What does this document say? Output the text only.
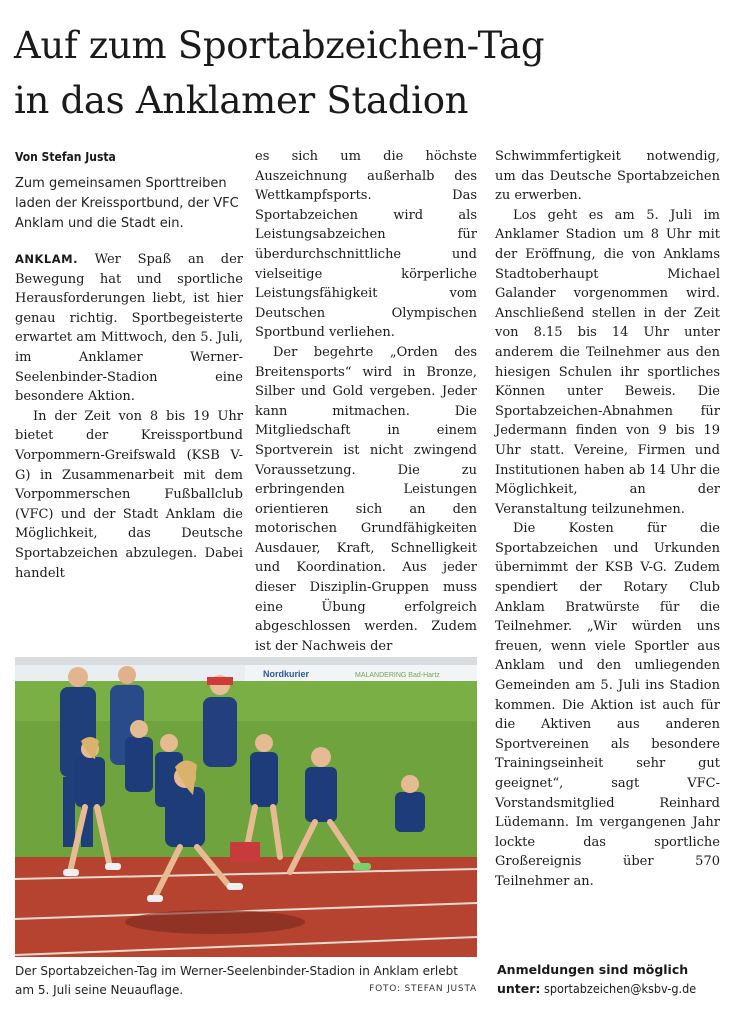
Auf zum Sportabzeichen-Tag
in das Anklamer Stadion
Von Stefan Justa
Zum gemeinsamen Sporttreiben laden der Kreissportbund, der VFC Anklam und die Stadt ein.

ANKLAM. Wer Spaß an der Bewegung hat und sportliche Herausforderungen liebt, ist hier genau richtig. Sportbegeisterte erwartet am Mittwoch, den 5. Juli, im Anklamer Werner-Seelenbinder-Stadion eine besondere Aktion.

In der Zeit von 8 bis 19 Uhr bietet der Kreissportbund Vorpommern-Greifswald (KSB V-G) in Zusammenarbeit mit dem Vorpommerschen Fußballclub (VFC) und der Stadt Anklam die Möglichkeit, das Deutsche Sportabzeichen abzulegen. Dabei handelt

es sich um die höchste Auszeichnung außerhalb des Wettkampfsports. Das Sportabzeichen wird als Leistungsabzeichen für überdurchschnittliche und vielseitige körperliche Leistungsfähigkeit vom Deutschen Olympischen Sportbund verliehen.

Der begehrte „Orden des Breitensports“ wird in Bronze, Silber und Gold vergeben. Jeder kann mitmachen. Die Mitgliedschaft in einem Sportverein ist nicht zwingend Voraussetzung. Die zu erbringenden Leistungen orientieren sich an den motorischen Grundfähigkeiten Ausdauer, Kraft, Schnelligkeit und Koordination. Aus jeder dieser Disziplin-Gruppen muss eine Übung erfolgreich abgeschlossen werden. Zudem ist der Nachweis der

Schwimmfertigkeit notwendig, um das Deutsche Sportabzeichen zu erwerben.

Los geht es am 5. Juli im Anklamer Stadion um 8 Uhr mit der Eröffnung, die von Anklams Stadtoberhaupt Michael Galander vorgenommen wird. Anschließend stellen in der Zeit von 8.15 bis 14 Uhr unter anderem die Teilnehmer aus den hiesigen Schulen ihr sportliches Können unter Beweis. Die Sportabzeichen-Abnahmen für Jedermann finden von 9 bis 19 Uhr statt. Vereine, Firmen und Institutionen haben ab 14 Uhr die Möglichkeit, an der Veranstaltung teilzunehmen.

Die Kosten für die Sportabzeichen und Urkunden übernimmt der KSB V-G. Zudem spendiert der Rotary Club Anklam Bratwürste für die Teilnehmer. „Wir würden uns freuen, wenn viele Sportler aus Anklam und den umliegenden Gemeinden am 5. Juli ins Stadion kommen. Die Aktion ist auch für die Aktiven aus anderen Sportvereinen als besondere Trainingseinheit sehr gut geeignet“, sagt VFC-Vorstandsmitglied Reinhard Lüdemann. Im vergangenen Jahr lockte das sportliche Großereignis über 570 Teilnehmer an.

Nordkurier	MALANDERING Bad-Hartz
Der Sportabzeichen-Tag im Werner-Seelenbinder-Stadion in Anklam erlebt am 5. Juli seine Neuauflage.	FOTO: STEFAN JUSTA
Anmeldungen sind möglich unter: sportabzeichen@ksbv-g.de
